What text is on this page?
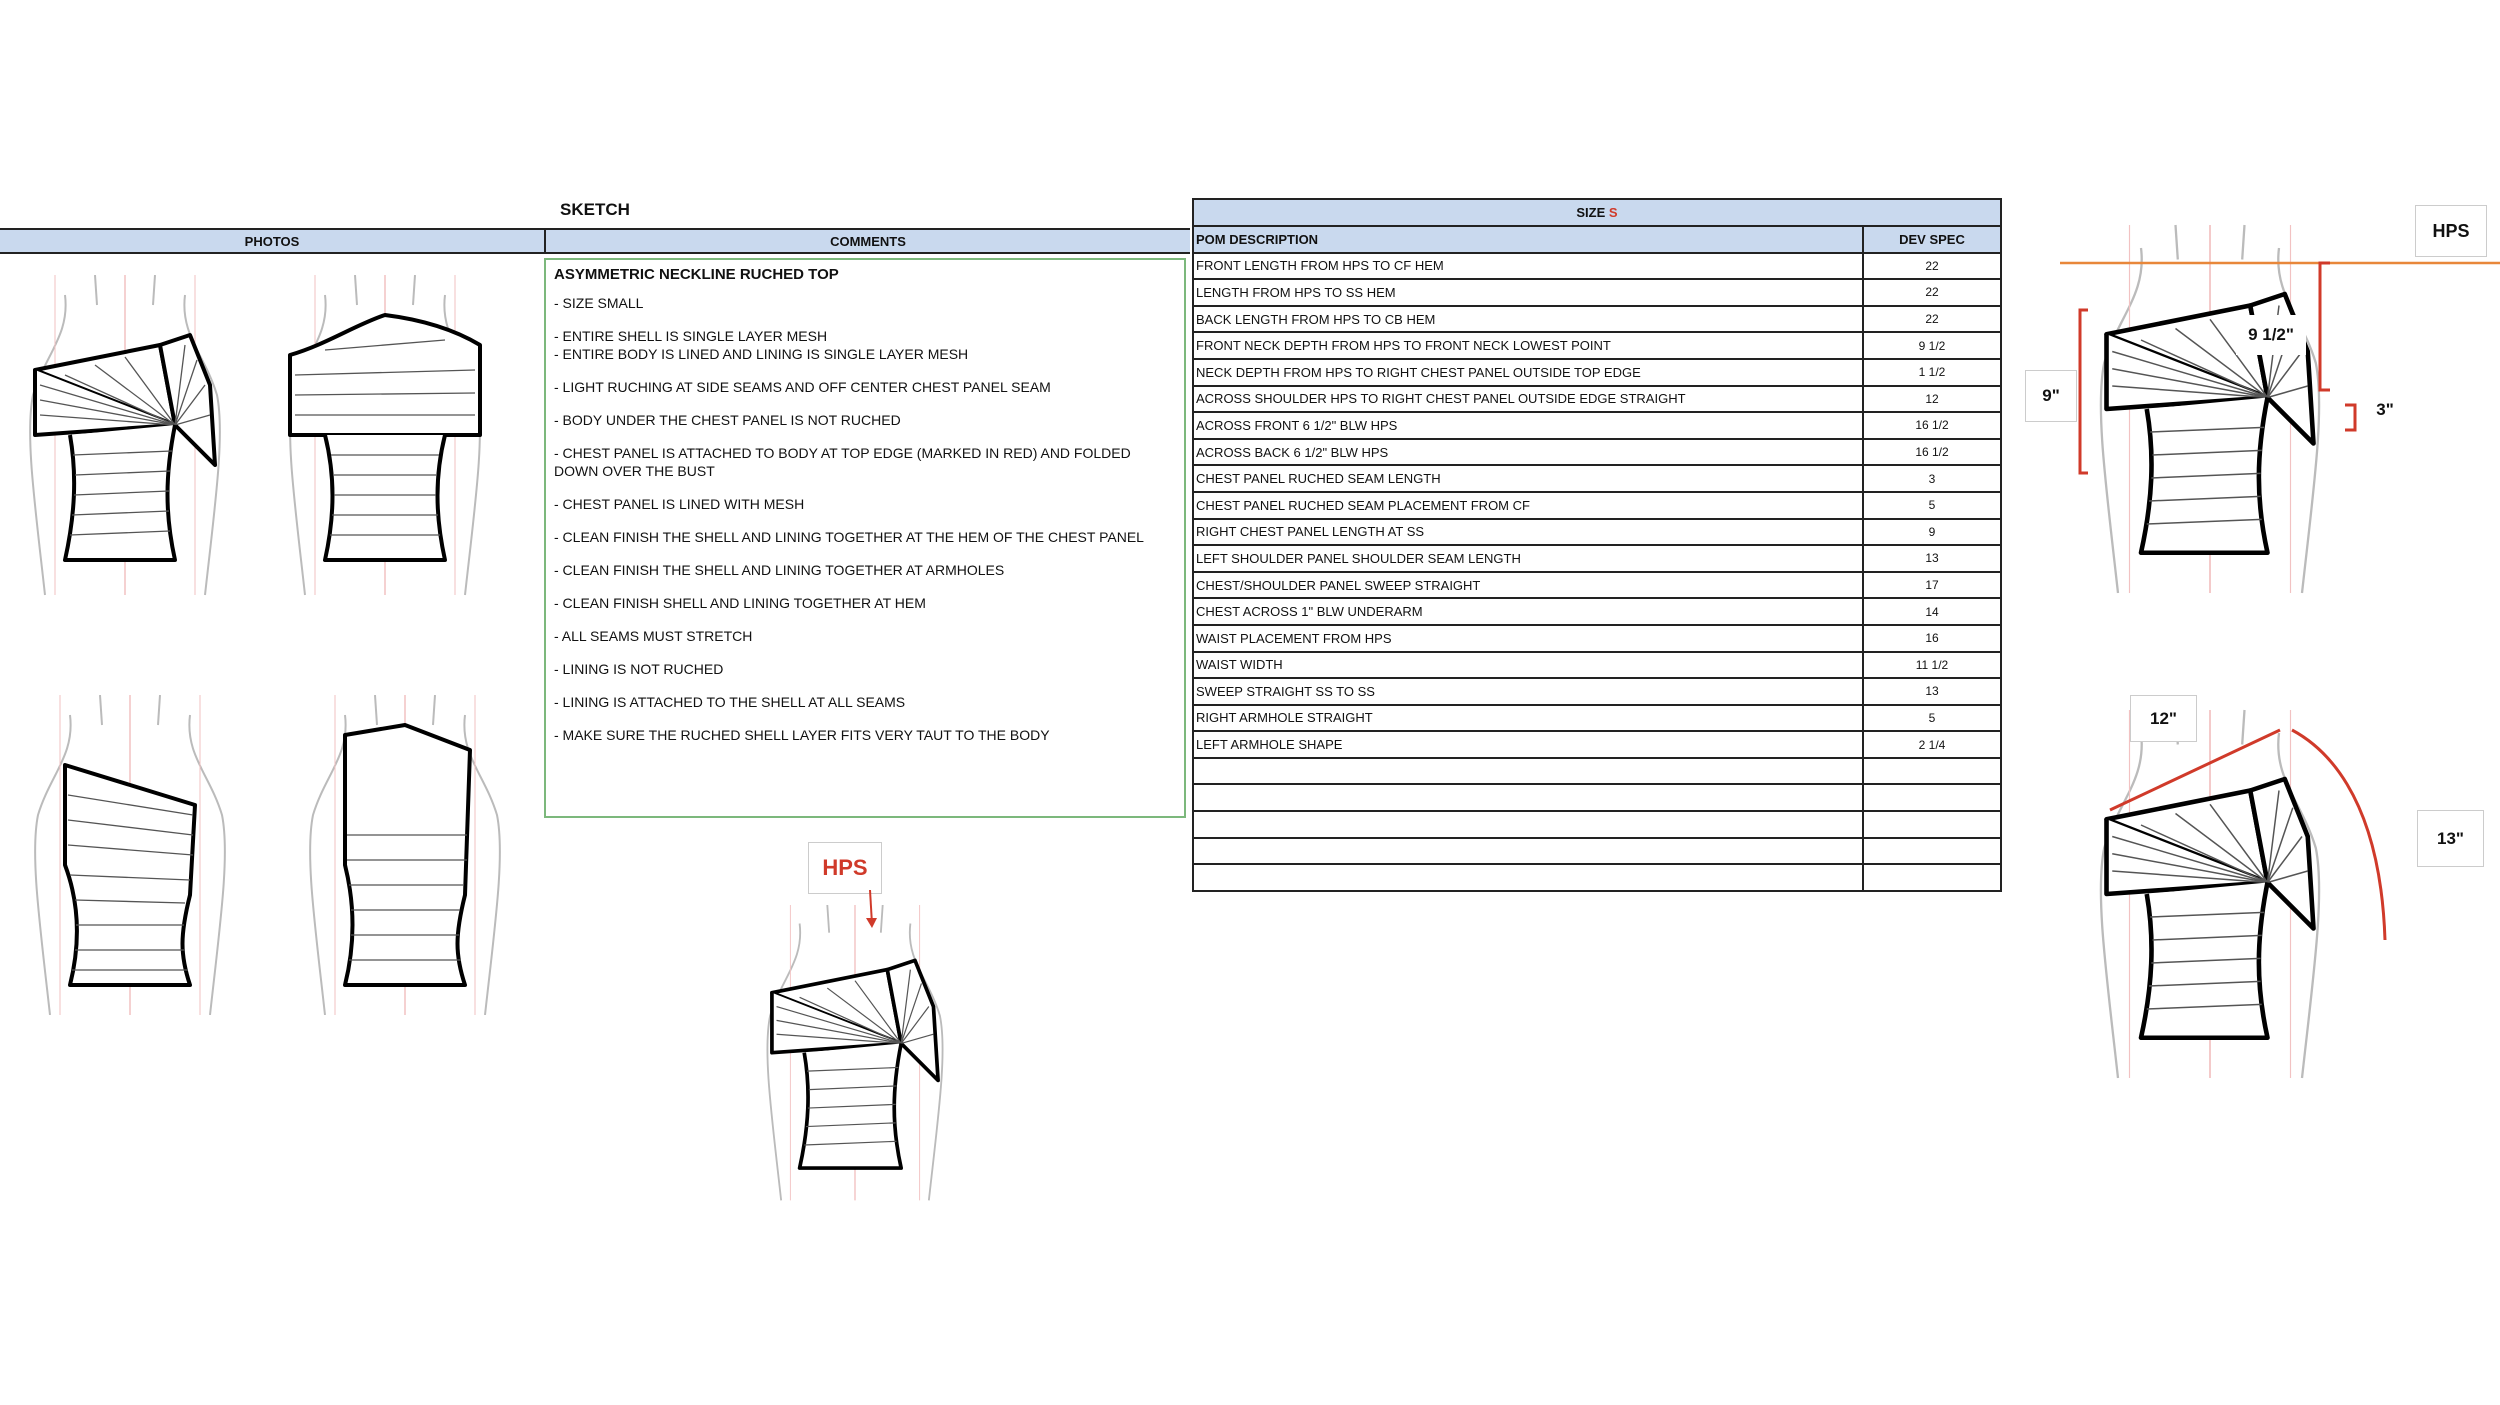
SKETCH
PHOTOS	COMMENTS
ASYMMETRIC NECKLINE RUCHED TOP
- SIZE SMALL
- ENTIRE SHELL IS SINGLE LAYER MESH
- ENTIRE BODY IS LINED AND LINING IS SINGLE LAYER MESH
- LIGHT RUCHING AT SIDE SEAMS AND OFF CENTER CHEST PANEL SEAM
- BODY UNDER THE CHEST PANEL IS NOT RUCHED
- CHEST PANEL IS ATTACHED TO BODY AT TOP EDGE (MARKED IN RED) AND FOLDED DOWN OVER THE BUST
- CHEST PANEL IS LINED WITH MESH
- CLEAN FINISH THE SHELL AND LINING TOGETHER AT THE HEM OF THE CHEST PANEL
- CLEAN FINISH THE SHELL AND LINING TOGETHER AT ARMHOLES
- CLEAN FINISH SHELL AND LINING TOGETHER AT HEM
- ALL SEAMS MUST STRETCH
- LINING IS NOT RUCHED
- LINING IS ATTACHED TO THE SHELL AT ALL SEAMS
- MAKE SURE THE RUCHED SHELL LAYER FITS VERY TAUT TO THE BODY
HPS
SIZE S	
POM DESCRIPTION	DEV SPEC
FRONT LENGTH FROM HPS TO CF HEM	22
LENGTH FROM HPS TO SS HEM	22
BACK LENGTH FROM HPS TO CB HEM	22
FRONT NECK DEPTH FROM HPS TO FRONT NECK LOWEST POINT	9 1/2
NECK DEPTH FROM HPS TO RIGHT CHEST PANEL OUTSIDE TOP EDGE	1 1/2
ACROSS SHOULDER HPS TO RIGHT CHEST PANEL OUTSIDE EDGE STRAIGHT	12
ACROSS FRONT 6 1/2" BLW HPS	16 1/2
ACROSS BACK 6 1/2" BLW HPS	16 1/2
CHEST PANEL RUCHED SEAM LENGTH	3
CHEST PANEL RUCHED SEAM PLACEMENT FROM CF	5
RIGHT CHEST PANEL LENGTH AT SS	9
LEFT SHOULDER PANEL SHOULDER SEAM LENGTH	13
CHEST/SHOULDER PANEL SWEEP STRAIGHT	17
CHEST ACROSS 1" BLW UNDERARM	14
WAIST PLACEMENT FROM HPS	16
WAIST WIDTH	11 1/2
SWEEP STRAIGHT SS TO SS	13
RIGHT ARMHOLE STRAIGHT	5
LEFT ARMHOLE SHAPE	2 1/4

HPS
9"
9 1/2"
3"
12"
13"
